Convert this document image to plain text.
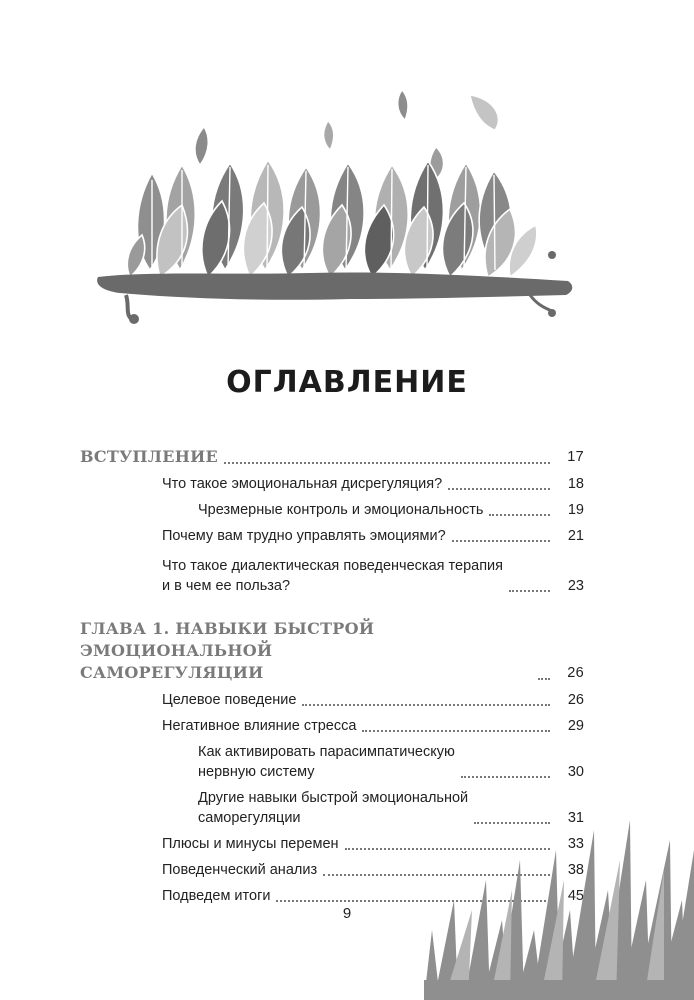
ОГЛАВЛЕНИЕ
ВСТУПЛЕНИЕ	17
Что такое эмоциональная дисрегуляция?	18
Чрезмерные контроль и эмоциональность	19
Почему вам трудно управлять эмоциями?	21
Что такое диалектическая поведенческая терапия
и в чем ее польза?	23
ГЛАВА 1. НАВЫКИ БЫСТРОЙ ЭМОЦИОНАЛЬНОЙ
САМОРЕГУЛЯЦИИ	26
Целевое поведение	26
Негативное влияние стресса	29
Как активировать парасимпатическую
нервную систему	30
Другие навыки быстрой эмоциональной
саморегуляции	31
Плюсы и минусы перемен	33
Поведенческий анализ	38
Подведем итоги	45
9
